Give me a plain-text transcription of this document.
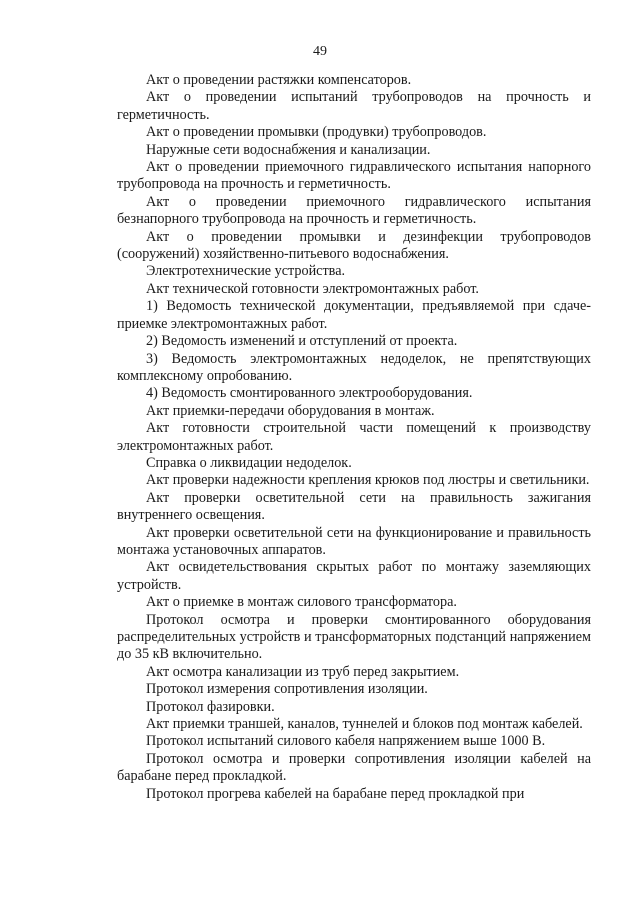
49

Акт о проведении растяжки компенсаторов.

Акт о проведении испытаний трубопроводов на прочность и герметичность.

Акт о проведении промывки (продувки) трубопроводов.

Наружные сети водоснабжения и канализации.

Акт о проведении приемочного гидравлического испытания напорного трубопровода на прочность и герметичность.

Акт о проведении приемочного гидравлического испытания безнапорного трубопровода на прочность и герметичность.

Акт о проведении промывки и дезинфекции трубопроводов (сооружений) хозяйственно-питьевого водоснабжения.

Электротехнические устройства.

Акт технической готовности электромонтажных работ.

1) Ведомость технической документации, предъявляемой при сдаче-приемке электромонтажных работ.

2) Ведомость изменений и отступлений от проекта.

3) Ведомость электромонтажных недоделок, не препятствующих комплексному опробованию.

4) Ведомость смонтированного электрооборудования.

Акт приемки-передачи оборудования в монтаж.

Акт готовности строительной части помещений к производству электромонтажных работ.

Справка о ликвидации недоделок.

Акт проверки надежности крепления крюков под люстры и светильники.

Акт проверки осветительной сети на правильность зажигания внутреннего освещения.

Акт проверки осветительной сети на функционирование и правильность монтажа установочных аппаратов.

Акт освидетельствования скрытых работ по монтажу заземляющих устройств.

Акт о приемке в монтаж силового трансформатора.

Протокол осмотра и проверки смонтированного оборудования распределительных устройств и трансформаторных подстанций напряжением до 35 кВ включительно.

Акт осмотра канализации из труб перед закрытием.

Протокол измерения сопротивления изоляции.

Протокол фазировки.

Акт приемки траншей, каналов, туннелей и блоков под монтаж кабелей.

Протокол испытаний силового кабеля напряжением выше 1000 В.

Протокол осмотра и проверки сопротивления изоляции кабелей на барабане перед прокладкой.

Протокол прогрева кабелей на барабане перед прокладкой при
